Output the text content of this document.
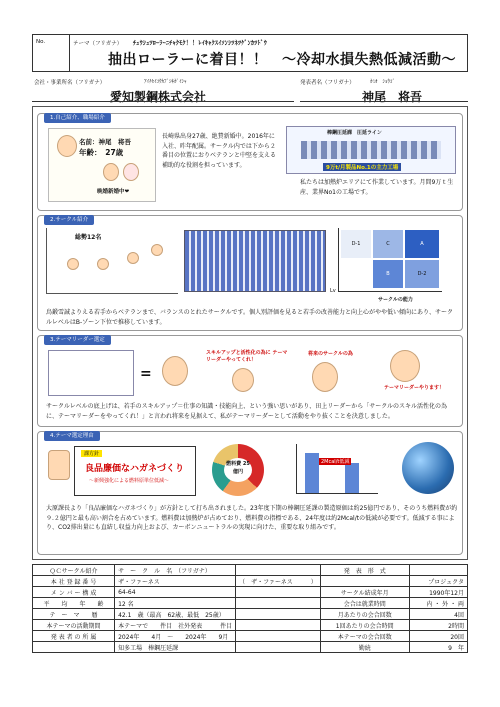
No.	テーマ（フリガナ） ﾁｭｳｼｭﾂﾛｰﾗｰﾆﾁｬｸﾓｸ！！ﾚｲｷｬｸｽｲｿﾝｼﾂﾈﾂｹﾞﾝｶﾂﾄﾞｳ
抽出ローラーに着目！！　～冷却水損失熱低減活動～
会社・事業所名（フリガナ）	ｱｲﾁｾｲｺｳｶﾌﾞｼｷｶﾞｲｼｬ
愛知製鋼株式会社
発表者名（フリガナ）	ｶﾐｵ　ｼｮｳｺﾞ
神尾　将吾
1.自己紹介、職場紹介
名前：神尾　将吾
年齢：　27歳
晩婚新婚中❤
長崎県出身27歳、絶賛新婚中。2016年に入社、昨年配属。サークル内では下から２番目の位置におりベテランと中堅を支える補助的な役割を担っています。
棒鋼圧延課　圧延ライン
9万t/月製品No.1の主力工場
私たちは加熱炉エリアにて作業しています。月間9万ｔ生産、業界No1の工場です。
2.サークル紹介
総勢12名
D-1	C	A
B	D-2
Lv
サークルの能力
鳥鍛雪誠よりえる若手からベテランまで、バランスのとれたサークルです。個人別評価を見ると若手の改善能力と向上心がやや低い傾向にあり、サークルレベルはB-ゾーン下位で推移しています。
3.テーマリーダー選定
=
スキルアップと活性化の為に テーマリーダーやってくれ！
将来のサークルの為
テーマリーダーやります！
サークルレベルの底上げは、若手のスキルアップ＝仕事の知識・技能向上、という強い思いがあり、田上リーダーから「サークルのスキル活性化の為に、テーマリーダーをやってくれ！」と言われ将来を見据えて、私がテーマリーダーとして活動をやり抜くことを決意しました。
4.テーマ選定理由
課方針
良品廉価なハガネづくり
～新興強化による燃料原単位低減～
燃料費 25億円
2Mcal/t低減
大原課長より「良品廉価なハガネづくり」が方針として打ち出されました。23年度下期の棒鋼圧延課の製造原価は約25億円であり、そのうち燃料費が約９.２億円と最も高い割合を占めています。燃料費は加熱炉が占めており、燃料費の指標である、24年度は約2Mcal/tの低減が必要です。低減する事により、CO2排出量にも直結し収益力向上および、カーボンニュートラルの実現に向けた、重要な取り組みです。
ＱＣサークル紹介	サ　ー　ク　ル　名　（フリガナ）		発　表　形　式	
本 社 登 録 番 号	ザ・ファーネス	（　ザ・ファーネス　　　）		プロジェクタ
メ ン バ ー 構 成	64-64		サークル結成年月	1990年12月
平　　均　　年　　齢	12 名		会合は就業時間	内 ・ 外 ・ 両
テ　ー　マ　　暦	42.1　歳（最高　62歳、最低　25歳）		月あたりの会合回数	4回
本テーマの活動期間	本テーマで　　件目　社外発表　　　件目		1回あたりの会合時間	2時間
発 表 者 の 所 属	2024年　　4月　～　　2024年　　9月		本テーマの会合回数	20回
	知多工場　棒鋼圧延課		勤続	9　年
